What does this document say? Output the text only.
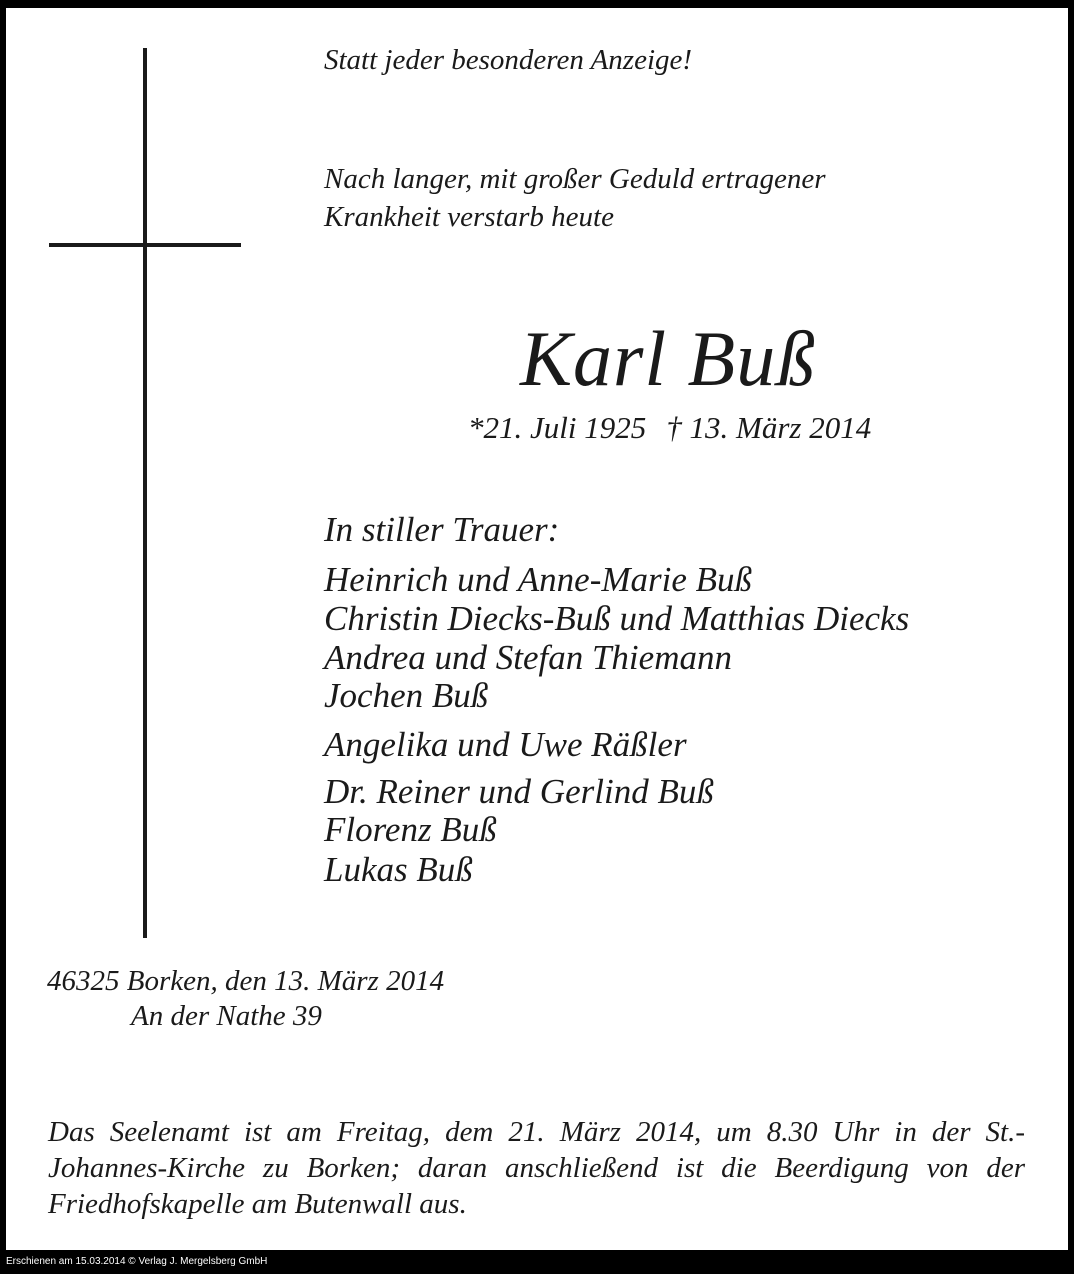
Statt jeder besonderen Anzeige!

Nach langer, mit großer Geduld ertragener
Krankheit verstarb heute
Karl Buß
*21. Juli 1925 † 13. März 2014

In stiller Trauer:

Heinrich und Anne-Marie Buß
Christin Diecks-Buß und Matthias Diecks
Andrea und Stefan Thiemann
Jochen Buß
Angelika und Uwe Räßler
Dr. Reiner und Gerlind Buß
Florenz Buß
Lukas Buß

46325 Borken, den 13. März 2014

An der Nathe 39

Das Seelenamt ist am Freitag, dem 21. März 2014, um 8.30 Uhr in der St.-Johannes-Kirche zu Borken; daran anschließend ist die Beerdigung von der Friedhofskapelle am Butenwall aus.

Erschienen am 15.03.2014 © Verlag J. Mergelsberg GmbH
